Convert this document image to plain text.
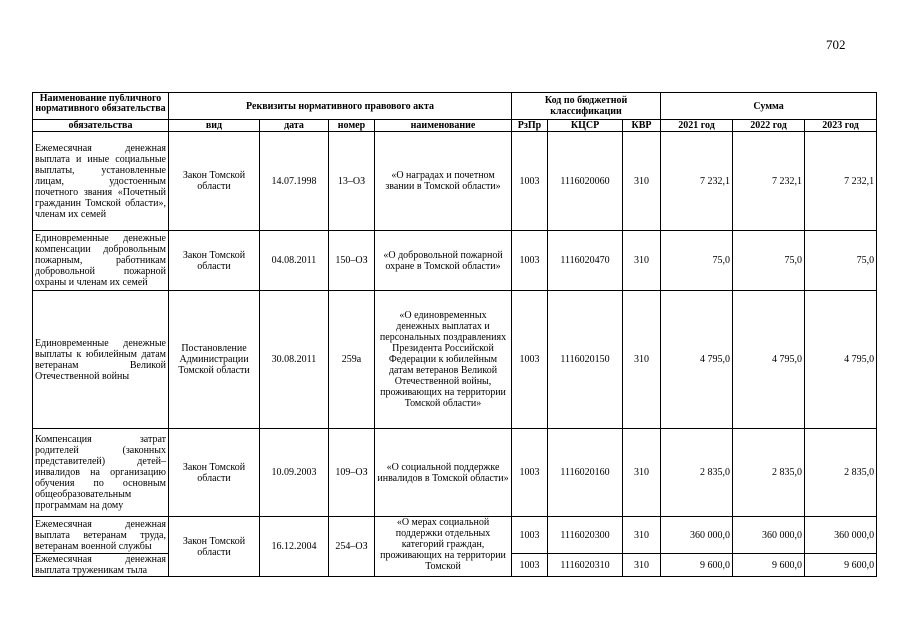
702
Наименование публичного нормативного обязательства	Реквизиты нормативного правового акта				Код по бюджетной классификации			Сумма		

обязательства	вид	дата	номер	наименование	РзПр	КЦСР	КВР	2021 год	2022 год	2023 год
Ежемесячная денежная выплата и иные социальные выплаты, установленные лицам, удостоенным почетного звания «Почетный гражданин Томской области», членам их семей	Закон Томской области	14.07.1998	13–ОЗ	«О наградах и почетном звании в Томской области»	1003	1116020060	310	7 232,1	7 232,1	7 232,1
Единовременные денежные компенсации добровольным пожарным, работникам добровольной пожарной охраны и членам их семей	Закон Томской области	04.08.2011	150–ОЗ	«О добровольной пожарной охране в Томской области»	1003	1116020470	310	75,0	75,0	75,0
Единовременные денежные выплаты к юбилейным датам ветеранам Великой Отечественной войны	Постановление Администрации Томской области	30.08.2011	259а	«О единовременных денежных выплатах и персональных поздравлениях Президента Российской Федерации к юбилейным датам ветеранов Великой Отечественной войны, проживающих на территории Томской области»	1003	1116020150	310	4 795,0	4 795,0	4 795,0
Компенсация затрат родителей (законных представителей) детей–инвалидов на организацию обучения по основным общеобразовательным программам на дому	Закон Томской области	10.09.2003	109–ОЗ	«О социальной поддержке инвалидов в Томской области»	1003	1116020160	310	2 835,0	2 835,0	2 835,0
Ежемесячная денежная выплата ветеранам труда, ветеранам военной службы	Закон Томской области	16.12.2004	254–ОЗ	«О мерах социальной поддержки отдельных категорий граждан, проживающих на территории Томской	1003	1116020300	310	360 000,0	360 000,0	360 000,0
Ежемесячная денежная выплата труженикам тыла					1003	1116020310	310	9 600,0	9 600,0	9 600,0
